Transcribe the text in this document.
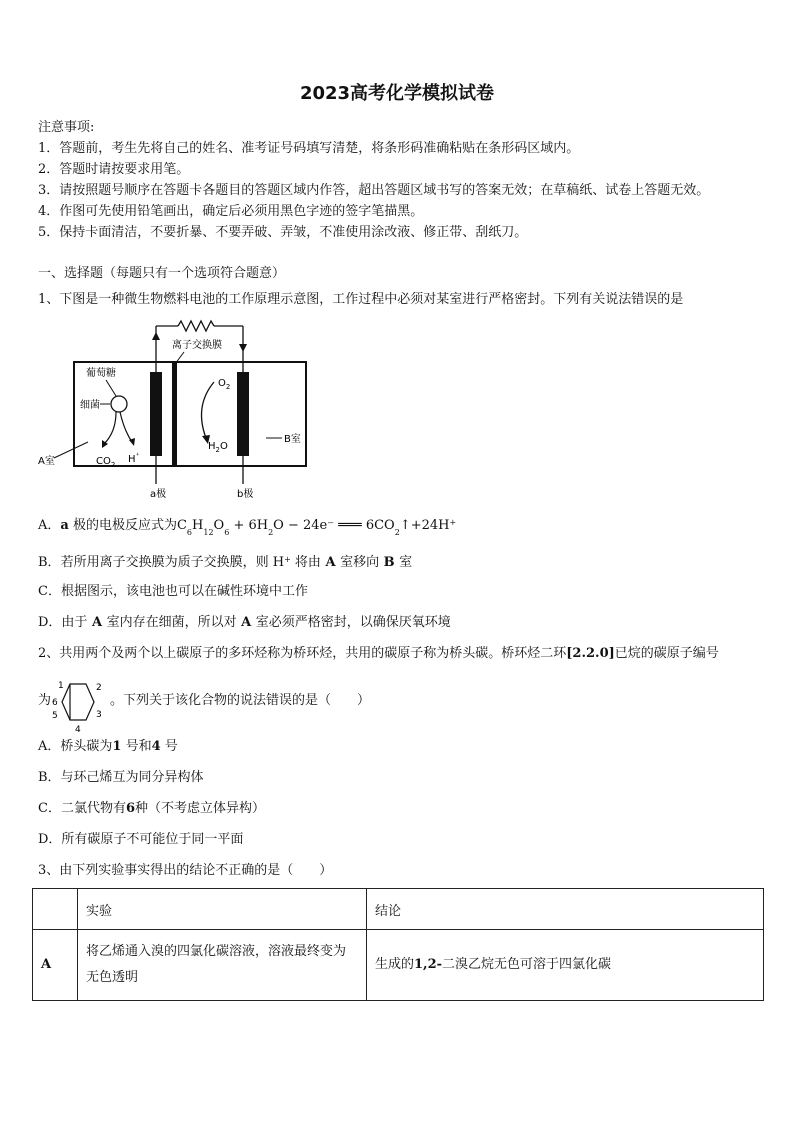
2023高考化学模拟试卷
注意事项:
1．答题前，考生先将自己的姓名、准考证号码填写清楚，将条形码准确粘贴在条形码区域内。
2．答题时请按要求用笔。
3．请按照题号顺序在答题卡各题目的答题区域内作答，超出答题区域书写的答案无效；在草稿纸、试卷上答题无效。
4．作图可先使用铅笔画出，确定后必须用黑色字迹的签字笔描黑。
5．保持卡面清洁，不要折暴、不要弄破、弄皱，不准使用涂改液、修正带、刮纸刀。
一、选择题（每题只有一个选项符合题意）
1、下图是一种微生物燃料电池的工作原理示意图，工作过程中必须对某室进行严格密封。下列有关说法错误的是
离子交换膜
a极	b极
葡萄糖
细菌
$CO_2$ H⁺
$O_2$
$H_2O$
A室
B室
A．a 极的电极反应式为$C_6H_{12}O_6 + 6H_2O - 24e^-$ ═══ $6CO_2↑+24H^+$
B．若所用离子交换膜为质子交换膜，则 H+ 将由 A 室移向 B 室
C．根据图示，该电池也可以在碱性环境中工作
D．由于 A 室内存在细菌，所以对 A 室必须严格密封，以确保厌氧环境
2、共用两个及两个以上碳原子的多环烃称为桥环烃，共用的碳原子称为桥头碳。桥环烃二环[2.2.0]已烷的碳原子编号
为
1	2
3
4
5
6	。下列关于该化合物的说法错误的是（　　）
A．桥头碳为1 号和4 号
B．与环己烯互为同分异构体
C．二氯代物有6种（不考虑立体异构）
D．所有碳原子不可能位于同一平面
3、由下列实验事实得出的结论不正确的是（　　）
	实验	结论
A	将乙烯通入溴的四氯化碳溶液，溶液最终变为无色透明	生成的1,2-二溴乙烷无色可溶于四氯化碳
